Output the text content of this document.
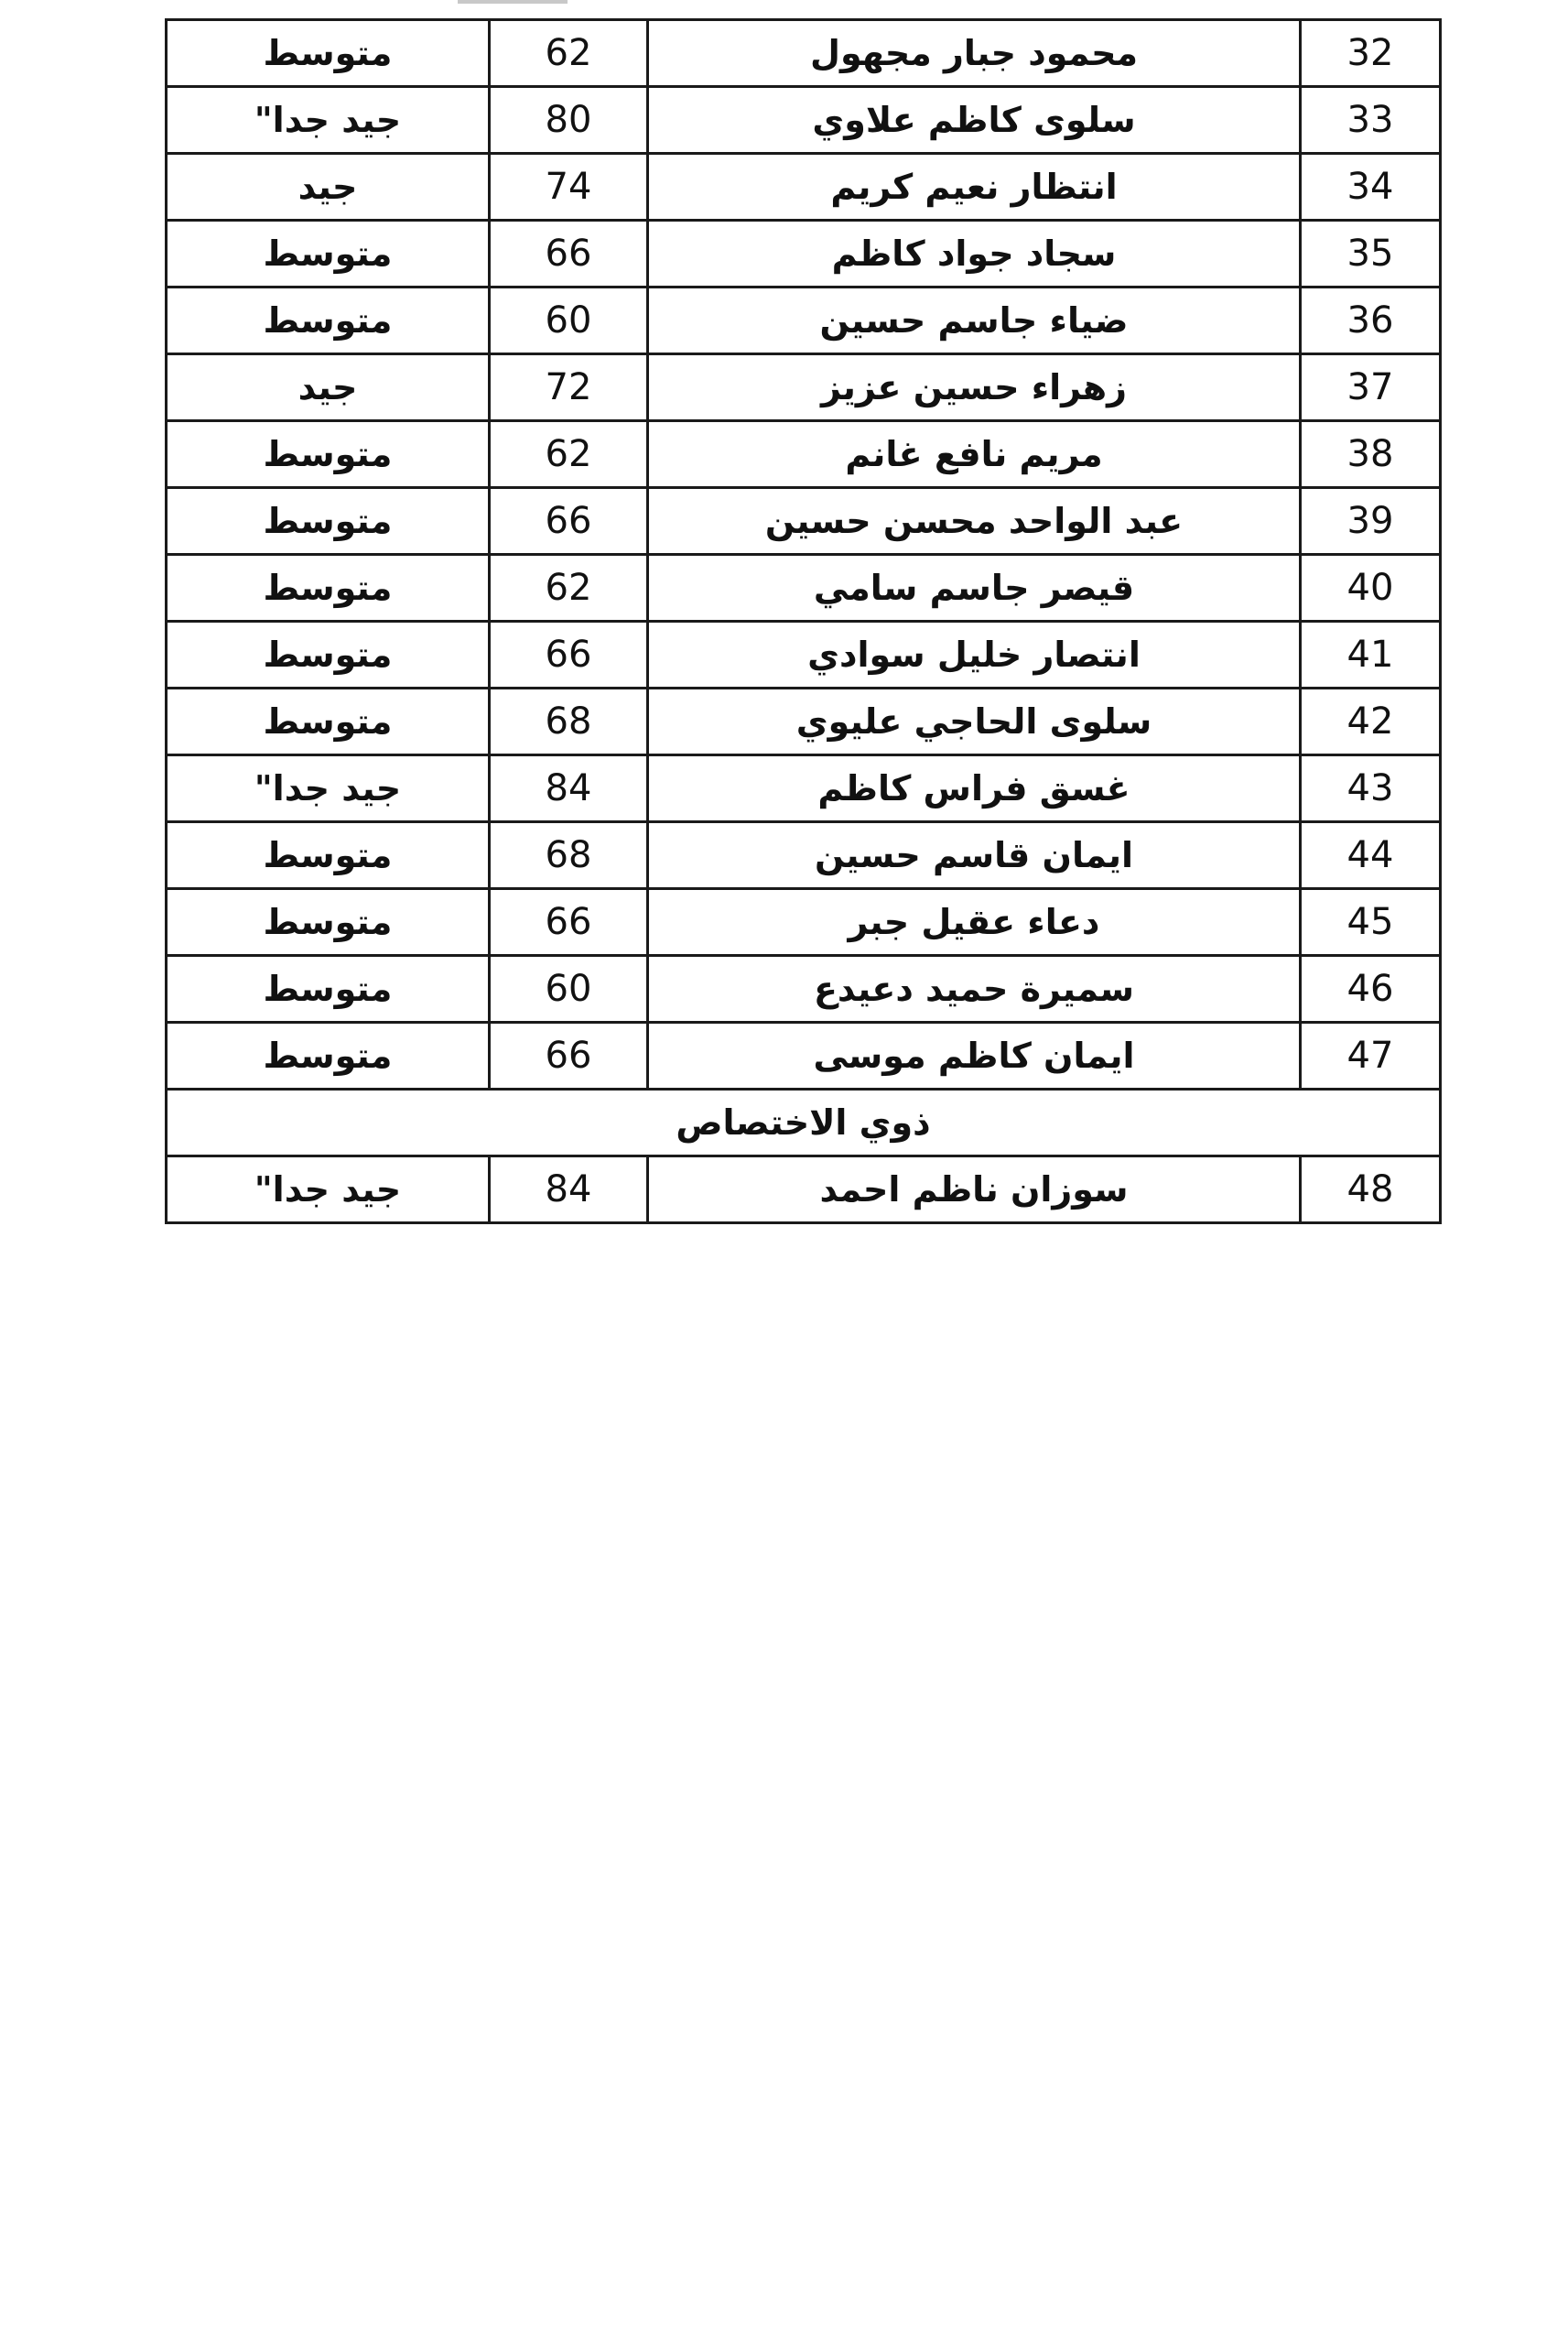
32	محمود جبار مجهول	62	متوسط
33	سلوى كاظم علاوي	80	جيد جدا"
34	انتظار نعيم كريم	74	جيد
35	سجاد جواد كاظم	66	متوسط
36	ضياء جاسم حسين	60	متوسط
37	زهراء حسين عزيز	72	جيد
38	مريم نافع غانم	62	متوسط
39	عبد الواحد محسن حسين	66	متوسط
40	قيصر جاسم سامي	62	متوسط
41	انتصار خليل سوادي	66	متوسط
42	سلوى الحاجي عليوي	68	متوسط
43	غسق فراس كاظم	84	جيد جدا"
44	ايمان قاسم حسين	68	متوسط
45	دعاء عقيل جبر	66	متوسط
46	سميرة حميد دعيدع	60	متوسط
47	ايمان كاظم موسى	66	متوسط
ذوي الاختصاص			
48	سوزان ناظم احمد	84	جيد جدا"
